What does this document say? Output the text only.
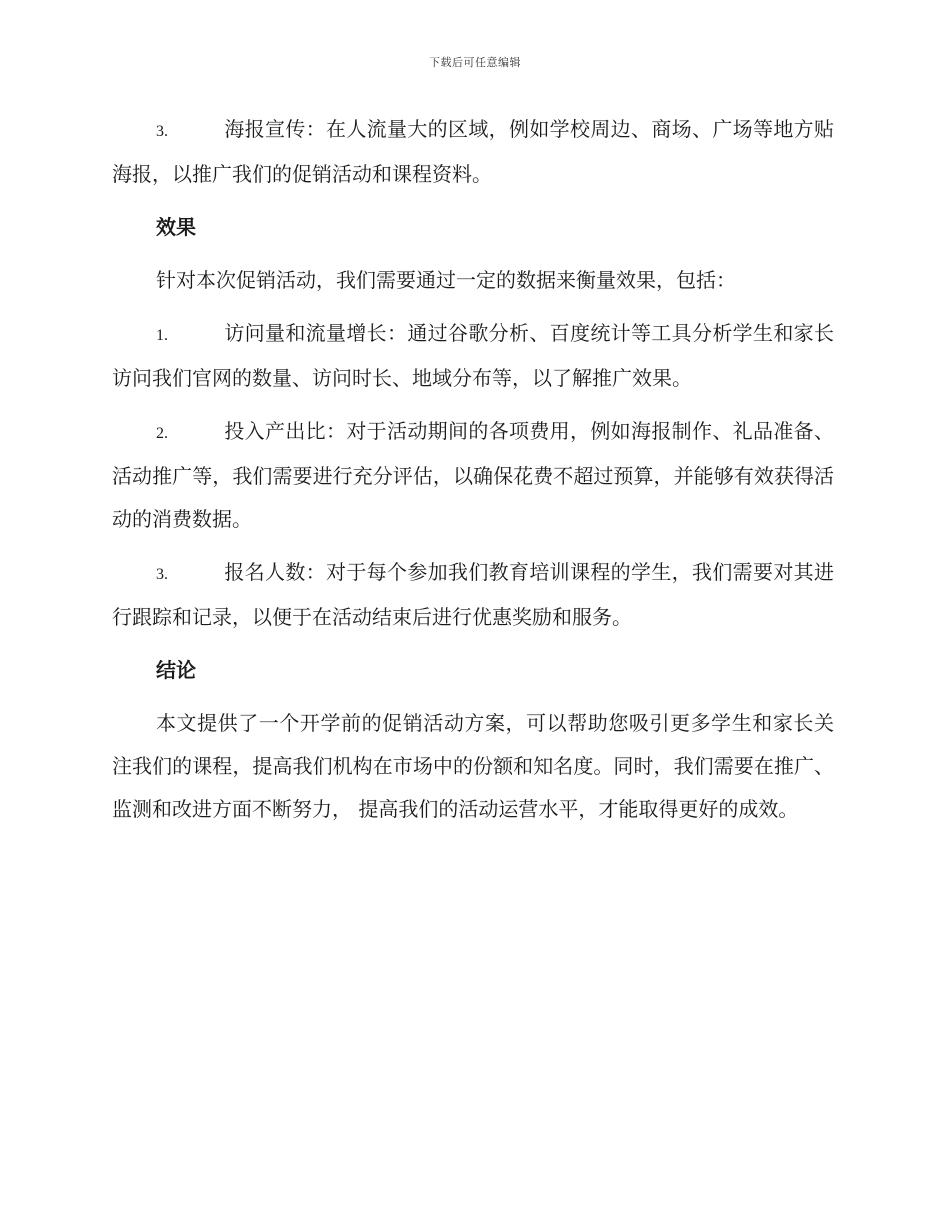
下载后可任意编辑

3.	海报宣传：在人流量大的区域，例如学校周边、商场、广场等地方贴海报，以推广我们的促销活动和课程资料。

效果

针对本次促销活动，我们需要通过一定的数据来衡量效果，包括：

1.	访问量和流量增长：通过谷歌分析、百度统计等工具分析学生和家长访问我们官网的数量、访问时长、地域分布等，以了解推广效果。

2.	投入产出比：对于活动期间的各项费用，例如海报制作、礼品准备、活动推广等，我们需要进行充分评估，以确保花费不超过预算，并能够有效获得活动的消费数据。

3.	报名人数：对于每个参加我们教育培训课程的学生，我们需要对其进行跟踪和记录，以便于在活动结束后进行优惠奖励和服务。

结论

本文提供了一个开学前的促销活动方案，可以帮助您吸引更多学生和家长关注我们的课程，提高我们机构在市场中的份额和知名度。同时，我们需要在推广、监测和改进方面不断努力， 提高我们的活动运营水平，才能取得更好的成效。
